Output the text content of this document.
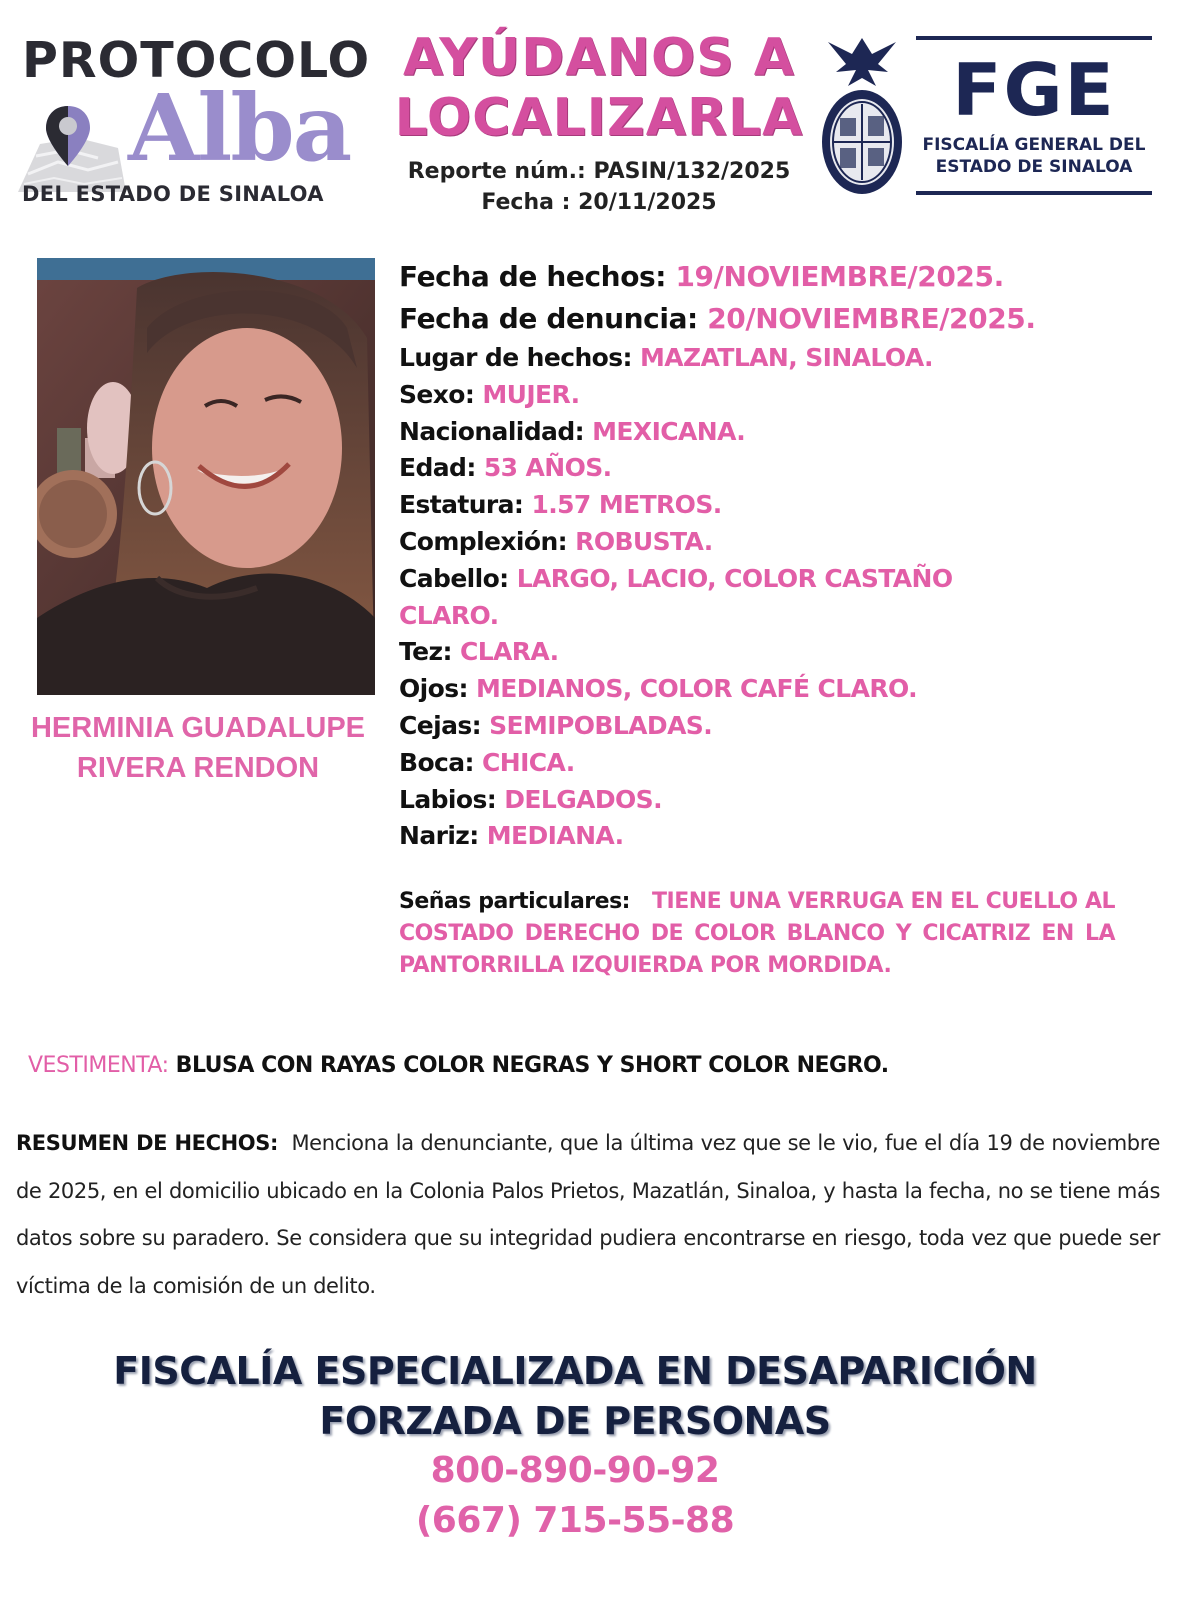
PROTOCOLO
Alba
DEL ESTADO DE SINALOA
AYÚDANOS A
LOCALIZARLA
Reporte núm.: PASIN/132/2025
Fecha : 20/11/2025
FGE
FISCALÍA GENERAL DEL
ESTADO DE SINALOA
HERMINIA GUADALUPE
RIVERA RENDON
Fecha de hechos: 19/NOVIEMBRE/2025.
Fecha de denuncia: 20/NOVIEMBRE/2025.
Lugar de hechos: MAZATLAN, SINALOA.
Sexo: MUJER.
Nacionalidad: MEXICANA.
Edad: 53 AÑOS.
Estatura: 1.57 METROS.
Complexión: ROBUSTA.
Cabello: LARGO, LACIO, COLOR CASTAÑO CLARO.
Tez: CLARA.
Ojos: MEDIANOS, COLOR CAFÉ CLARO.
Cejas: SEMIPOBLADAS.
Boca: CHICA.
Labios: DELGADOS.
Nariz: MEDIANA.
Señas particulares: TIENE UNA VERRUGA EN EL CUELLO AL COSTADO DERECHO DE COLOR BLANCO Y CICATRIZ EN LA PANTORRILLA IZQUIERDA POR MORDIDA.
VESTIMENTA: BLUSA CON RAYAS COLOR NEGRAS Y SHORT COLOR NEGRO.
RESUMEN DE HECHOS: Menciona la denunciante, que la última vez que se le vio, fue el día 19 de noviembre de 2025, en el domicilio ubicado en la Colonia Palos Prietos, Mazatlán, Sinaloa, y hasta la fecha, no se tiene más datos sobre su paradero. Se considera que su integridad pudiera encontrarse en riesgo, toda vez que puede ser víctima de la comisión de un delito.
FISCALÍA ESPECIALIZADA EN DESAPARICIÓN
FORZADA DE PERSONAS
800-890-90-92
(667) 715-55-88
